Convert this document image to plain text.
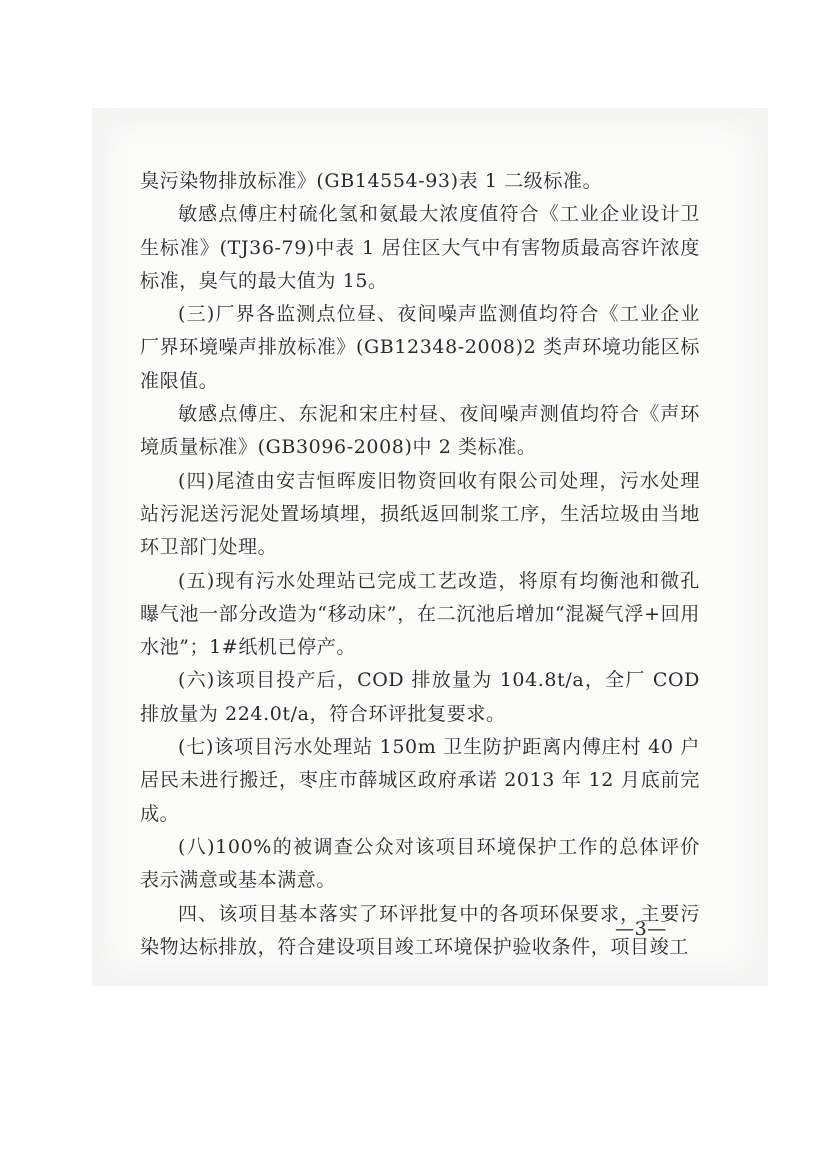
臭污染物排放标准》(GB14554-93)表 1 二级标准。

敏感点傅庄村硫化氢和氨最大浓度值符合《工业企业设计卫生标准》(TJ36-79)中表 1 居住区大气中有害物质最高容许浓度标准，臭气的最大值为 15。

(三)厂界各监测点位昼、夜间噪声监测值均符合《工业企业厂界环境噪声排放标准》(GB12348-2008)2 类声环境功能区标准限值。

敏感点傅庄、东泥和宋庄村昼、夜间噪声测值均符合《声环境质量标准》(GB3096-2008)中 2 类标准。

(四)尾渣由安吉恒晖废旧物资回收有限公司处理，污水处理站污泥送污泥处置场填埋，损纸返回制浆工序，生活垃圾由当地环卫部门处理。

(五)现有污水处理站已完成工艺改造，将原有均衡池和微孔曝气池一部分改造为“移动床”，在二沉池后增加“混凝气浮+回用水池”；1#纸机已停产。

(六)该项目投产后，COD 排放量为 104.8t/a，全厂 COD 排放量为 224.0t/a，符合环评批复要求。

(七)该项目污水处理站 150m 卫生防护距离内傅庄村 40 户居民未进行搬迁，枣庄市薛城区政府承诺 2013 年 12 月底前完成。

(八)100%的被调查公众对该项目环境保护工作的总体评价表示满意或基本满意。

四、该项目基本落实了环评批复中的各项环保要求，主要污染物达标排放，符合建设项目竣工环境保护验收条件，项目竣工

—3—
